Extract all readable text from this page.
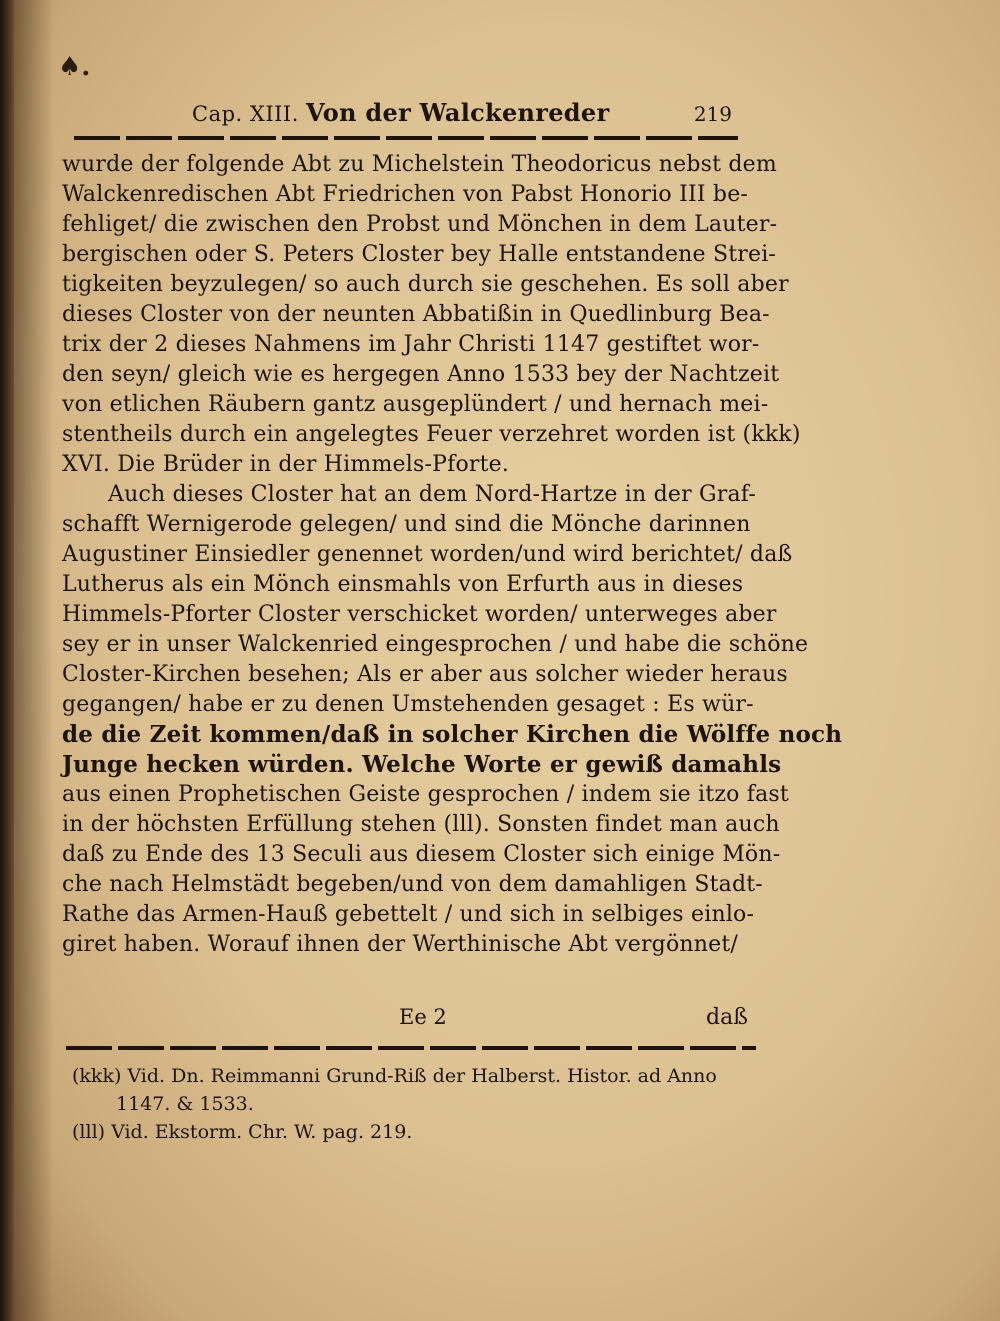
♠.
Cap. XIII. Von der Walckenreder	219
wurde der folgende Abt zu Michelstein Theodoricus nebst dem
Walckenredischen Abt Friedrichen von Pabst Honorio III be-
fehliget/ die zwischen den Probst und Mönchen in dem Lauter-
bergischen oder S. Peters Closter bey Halle entstandene Strei-
tigkeiten beyzulegen/ so auch durch sie geschehen. Es soll aber
dieses Closter von der neunten Abbatißin in Quedlinburg Bea-
trix der 2 dieses Nahmens im Jahr Christi 1147 gestiftet wor-
den seyn/ gleich wie es hergegen Anno 1533 bey der Nachtzeit
von etlichen Räubern gantz ausgeplündert / und hernach mei-
stentheils durch ein angelegtes Feuer verzehret worden ist (kkk)
XVI. Die Brüder in der Himmels-Pforte.
Auch dieses Closter hat an dem Nord-Hartze in der Graf-
schafft Wernigerode gelegen/ und sind die Mönche darinnen
Augustiner Einsiedler genennet worden/und wird berichtet/ daß
Lutherus als ein Mönch einsmahls von Erfurth aus in dieses
Himmels-Pforter Closter verschicket worden/ unterweges aber
sey er in unser Walckenried eingesprochen / und habe die schöne
Closter-Kirchen besehen; Als er aber aus solcher wieder heraus
gegangen/ habe er zu denen Umstehenden gesaget : Es wür-
de die Zeit kommen/daß in solcher Kirchen die Wölffe noch
Junge hecken würden. Welche Worte er gewiß damahls
aus einen Prophetischen Geiste gesprochen / indem sie itzo fast
in der höchsten Erfüllung stehen (lll). Sonsten findet man auch
daß zu Ende des 13 Seculi aus diesem Closter sich einige Mön-
che nach Helmstädt begeben/und von dem damahligen Stadt-
Rathe das Armen-Hauß gebettelt / und sich in selbiges einlo-
giret haben. Worauf ihnen der Werthinische Abt vergönnet/
Ee 2	daß
(kkk) Vid. Dn. Reimmanni Grund-Riß der Halberst. Histor. ad Anno
1147. & 1533.
(lll) Vid. Ekstorm. Chr. W. pag. 219.
